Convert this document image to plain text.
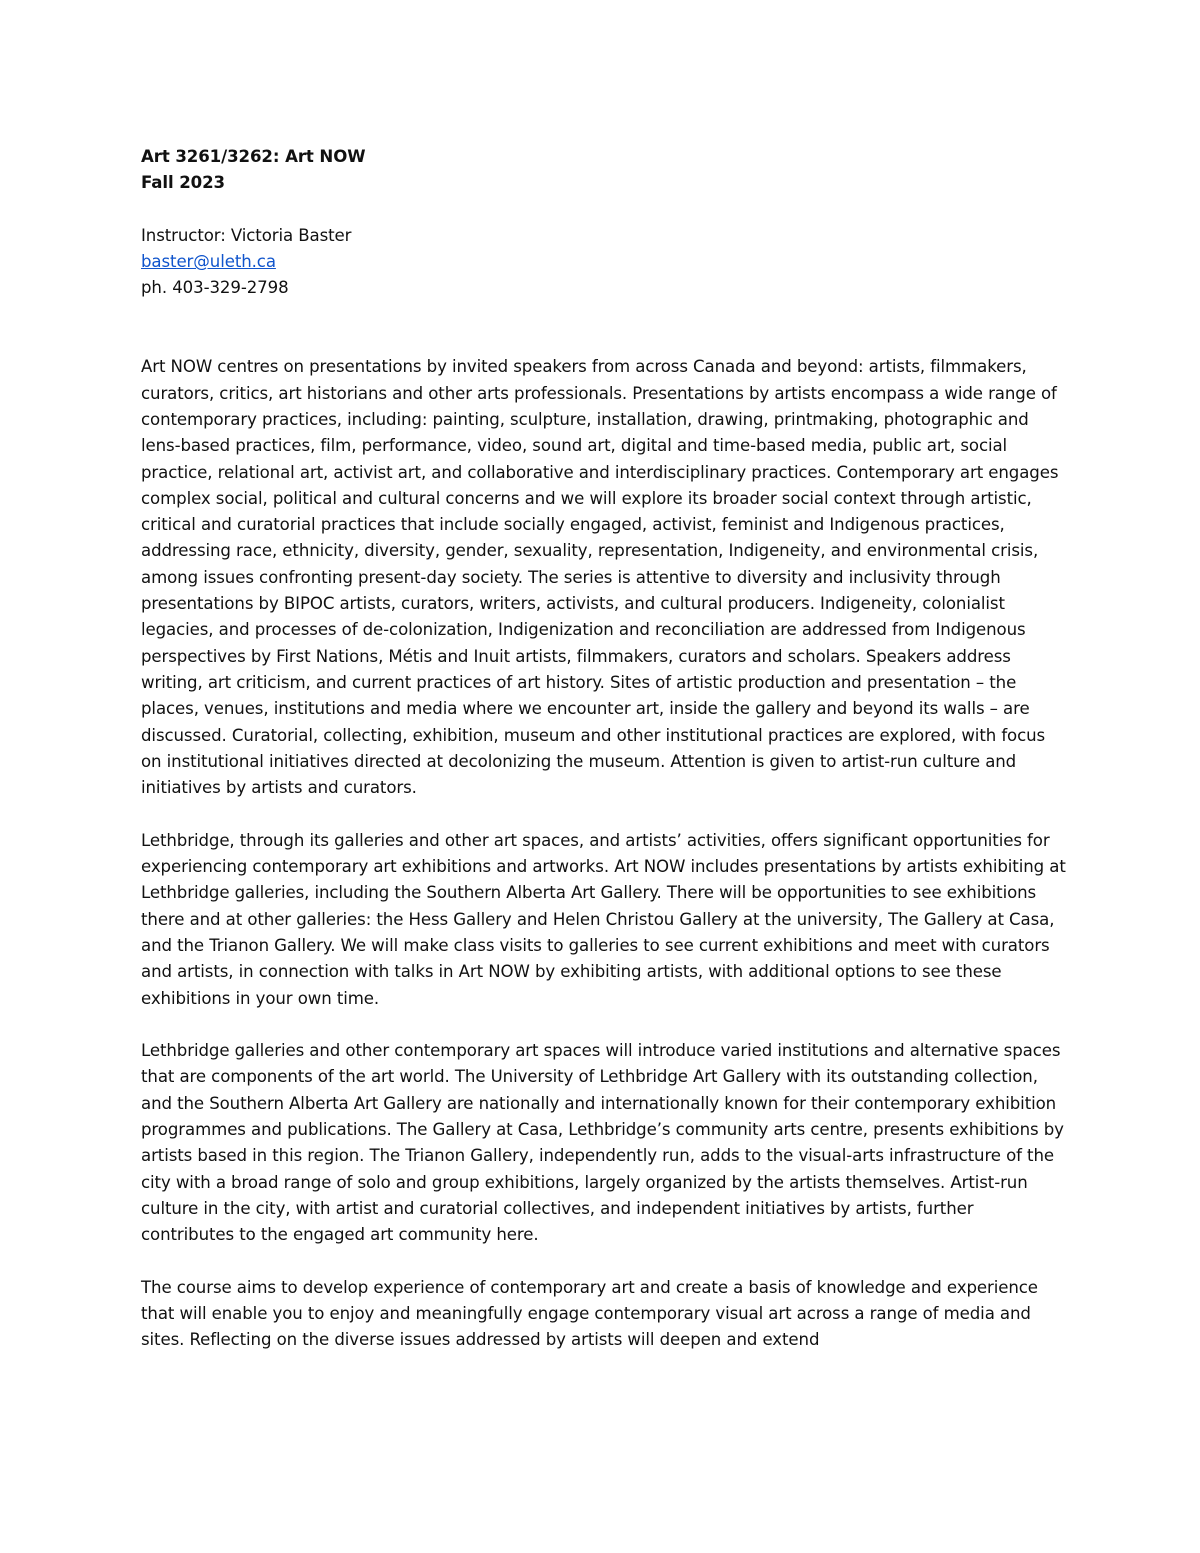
Art 3261/3262: Art NOW
Fall 2023
Instructor: Victoria Baster
baster@uleth.ca
ph. 403-329-2798

Art NOW centres on presentations by invited speakers from across Canada and beyond: artists, filmmakers, curators, critics, art historians and other arts professionals. Presentations by artists encompass a wide range of contemporary practices, including: painting, sculpture, installation, drawing, printmaking, photographic and lens-based practices, film, performance, video, sound art, digital and time-based media, public art, social practice, relational art, activist art, and collaborative and interdisciplinary practices. Contemporary art engages complex social, political and cultural concerns and we will explore its broader social context through artistic, critical and curatorial practices that include socially engaged, activist, feminist and Indigenous practices, addressing race, ethnicity, diversity, gender, sexuality, representation, Indigeneity, and environmental crisis, among issues confronting present-day society. The series is attentive to diversity and inclusivity through presentations by BIPOC artists, curators, writers, activists, and cultural producers. Indigeneity, colonialist legacies, and processes of de-colonization, Indigenization and reconciliation are addressed from Indigenous perspectives by First Nations, Métis and Inuit artists, filmmakers, curators and scholars. Speakers address writing, art criticism, and current practices of art history. Sites of artistic production and presentation – the places, venues, institutions and media where we encounter art, inside the gallery and beyond its walls – are discussed. Curatorial, collecting, exhibition, museum and other institutional practices are explored, with focus on institutional initiatives directed at decolonizing the museum. Attention is given to artist-run culture and initiatives by artists and curators.

Lethbridge, through its galleries and other art spaces, and artists’ activities, offers significant opportunities for experiencing contemporary art exhibitions and artworks. Art NOW includes presentations by artists exhibiting at Lethbridge galleries, including the Southern Alberta Art Gallery. There will be opportunities to see exhibitions there and at other galleries: the Hess Gallery and Helen Christou Gallery at the university, The Gallery at Casa, and the Trianon Gallery. We will make class visits to galleries to see current exhibitions and meet with curators and artists, in connection with talks in Art NOW by exhibiting artists, with additional options to see these exhibitions in your own time.

Lethbridge galleries and other contemporary art spaces will introduce varied institutions and alternative spaces that are components of the art world. The University of Lethbridge Art Gallery with its outstanding collection, and the Southern Alberta Art Gallery are nationally and internationally known for their contemporary exhibition programmes and publications. The Gallery at Casa, Lethbridge’s community arts centre, presents exhibitions by artists based in this region. The Trianon Gallery, independently run, adds to the visual-arts infrastructure of the city with a broad range of solo and group exhibitions, largely organized by the artists themselves. Artist-run culture in the city, with artist and curatorial collectives, and independent initiatives by artists, further contributes to the engaged art community here.

The course aims to develop experience of contemporary art and create a basis of knowledge and experience that will enable you to enjoy and meaningfully engage contemporary visual art across a range of media and sites. Reflecting on the diverse issues addressed by artists will deepen and extend
